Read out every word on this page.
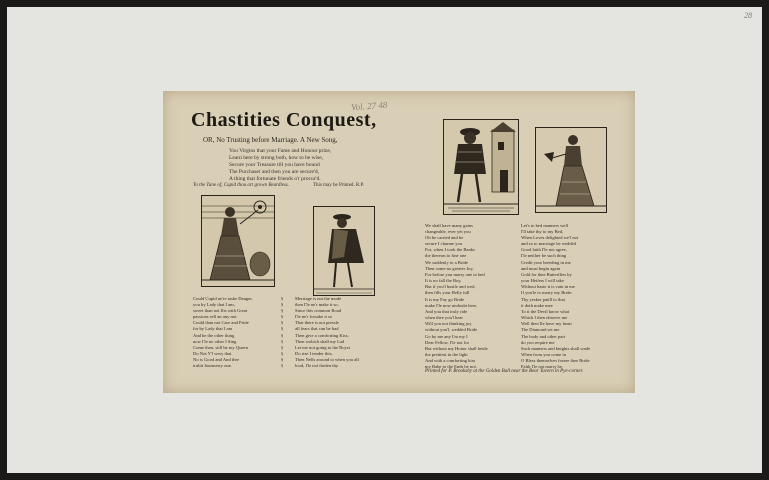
28
Chastities Conquest,
Vol. 27 48
OR, No Trusting before Marriage. A New Song,
You Virgins that your Fame and Honour prize,
Learn here by strong both, how to be wise,
Secure your Treasure till you have bound
The Purchaser and then you are secure'd,
A thing that fortunate friends o'r procur'd.
To the Tune of, Cupid thou art grown Beardless.	This may be Printed. R.P.
Could Cupid ne're taske Danger,
you by Lady that I am,
sweet than not Ilis with Great
passions sell an any not.
Could than not Care and Pride
for by Lady that I am
And be the other thing
now I'le no other I Sing
Come then, still be my Queen
Do Not Y'l wery that
No is Good and And thre
trulitt Iourmerry one.
§
§
§
§
§
§
§
§
§
§
§
§
Merriage is not the mode
then I'le ne'r make it so,
Since this common Road
I'le ne'r forsake it so
That there is not pressle
all fears that can be had
Then give a comforting Kiss,
Then wohich shall my Lad
Let me not going to the Boyst
Do rise I tender this,
Then Nells around to when you all
lood, I'le not finden thy.
We shall have many gains
changeable, ever yet you
Oh be carried and be
secure I charme you
For, when I took the Banks
the thereon to fine one
We suddenly to a Bride
Then come no greater Joy,
For before you marry one to bed
It is no fall the Boy,
But if you'l bustle and wed,
then fills your Belly full
Let's to bed manners well
I'll take thy to my Bed,
When Loves delighted we'l not
and so to marriage be wedded
Good faith I'le not agree,
I'le neither be such thing
Credit your breeding in me
and must begin again
Gold for thee Butterflies by
your Heifers I will take
Without haste it is vain in me
If you'le to marry my Bride.
It is my Fay go Bride
make I'le now undoubt here,
And you that truly ride
when thee you'l hear
Will you not thinking joy
without you'l, wedded Bride
Go by me any I'm my I
Dear Fellow, I'le not for
But without my Honor shall beide
the prettiest in the light
And with a comforting kiss
my Babe to the Ends be not.
Thy yesker patill to that
it doth make mee
To it the Devil know what
Which I then observe me
Well then Ile have my heart
The Diamond set me
The body and other part
do you require me
Such manners and knights shall wade
When from you come in
O Bless themselves forsee thee Bride
Faith I'le not marry be.
Printed for P. Brooksby at the Golden Ball near the Bear Tavern in Pye-corner.
